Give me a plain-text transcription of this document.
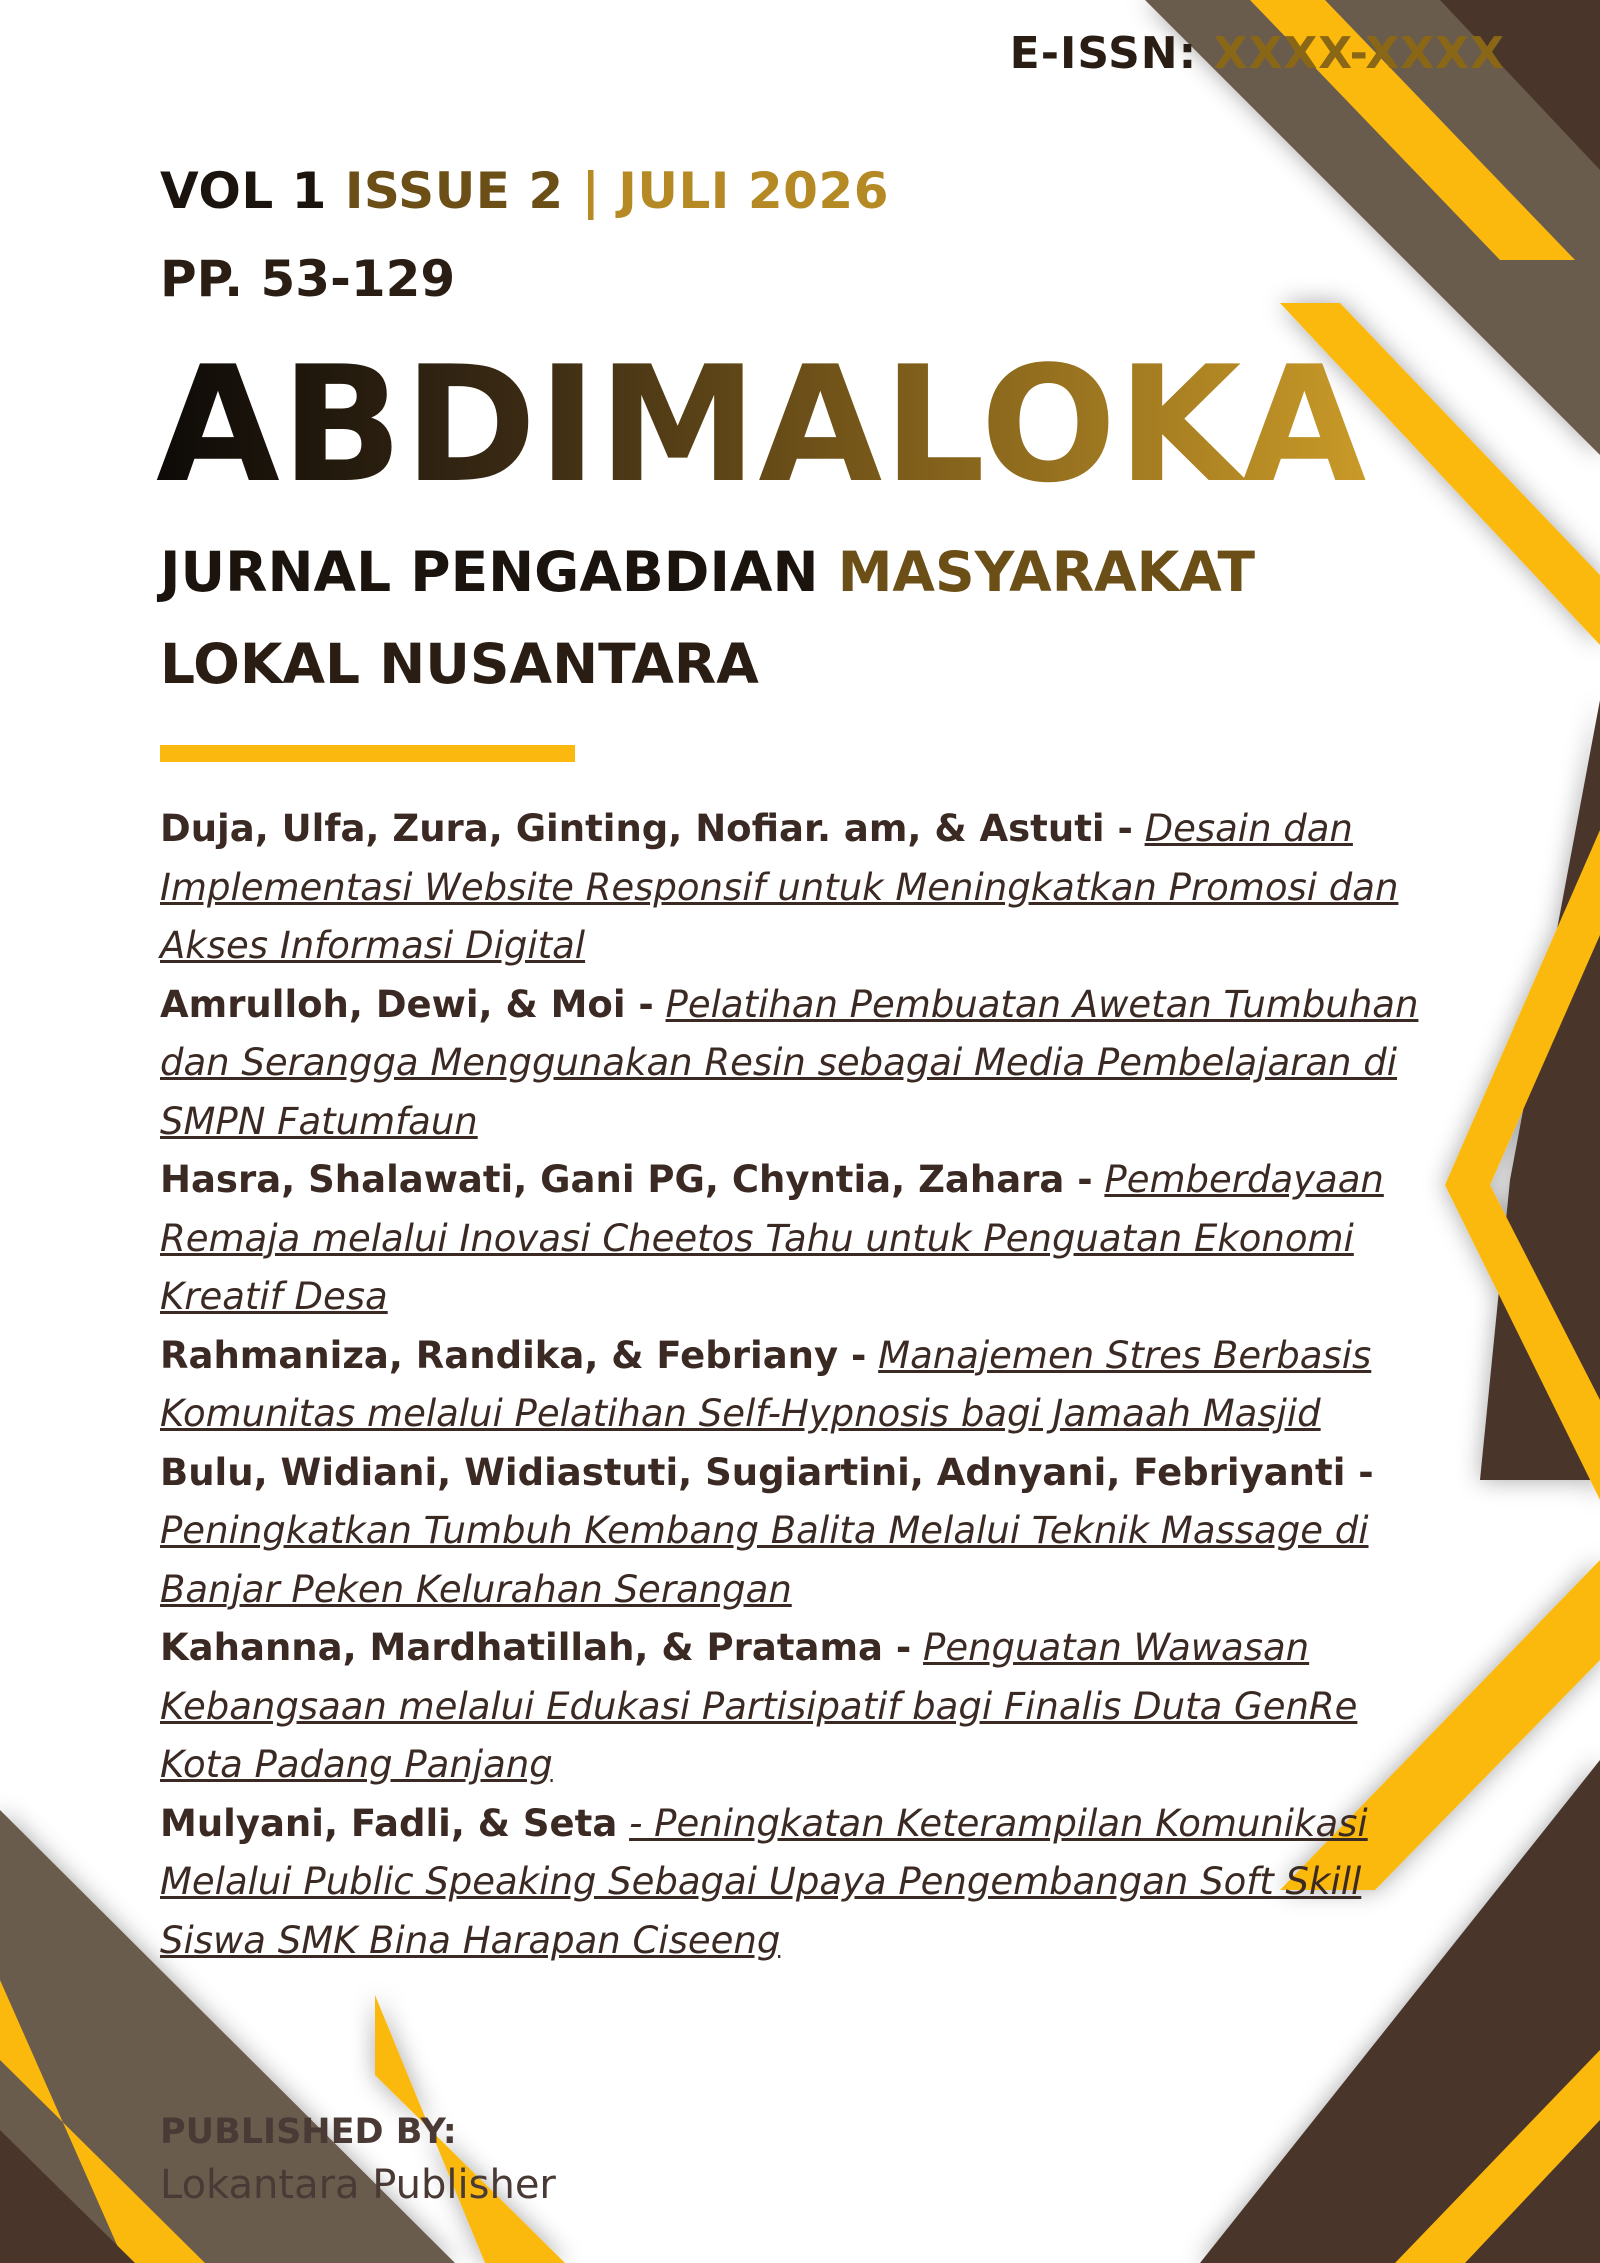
E-ISSN: XXXX-XXXX
VOL 1 ISSUE 2 | JULI 2026
PP. 53-129
ABDIMALOKA
JURNAL PENGABDIAN MASYARAKAT
LOKAL NUSANTARA

Duja, Ulfa, Zura, Ginting, Nofiar. am, & Astuti - Desain dan Implementasi Website Responsif untuk Meningkatkan Promosi dan Akses Informasi Digital

Amrulloh, Dewi, & Moi - Pelatihan Pembuatan Awetan Tumbuhan dan Serangga Menggunakan Resin sebagai Media Pembelajaran di SMPN Fatumfaun

Hasra, Shalawati, Gani PG, Chyntia, Zahara - Pemberdayaan Remaja melalui Inovasi Cheetos Tahu untuk Penguatan Ekonomi Kreatif Desa

Rahmaniza, Randika, & Febriany - Manajemen Stres Berbasis Komunitas melalui Pelatihan Self-Hypnosis bagi Jamaah Masjid

Bulu, Widiani, Widiastuti, Sugiartini, Adnyani, Febriyanti - Peningkatkan Tumbuh Kembang Balita Melalui Teknik Massage di Banjar Peken Kelurahan Serangan

Kahanna, Mardhatillah, & Pratama - Penguatan Wawasan Kebangsaan melalui Edukasi Partisipatif bagi Finalis Duta GenRe Kota Padang Panjang

Mulyani, Fadli, & Seta - Peningkatan Keterampilan Komunikasi Melalui Public Speaking Sebagai Upaya Pengembangan Soft Skill Siswa SMK Bina Harapan Ciseeng

PUBLISHED BY:
Lokantara Publisher
